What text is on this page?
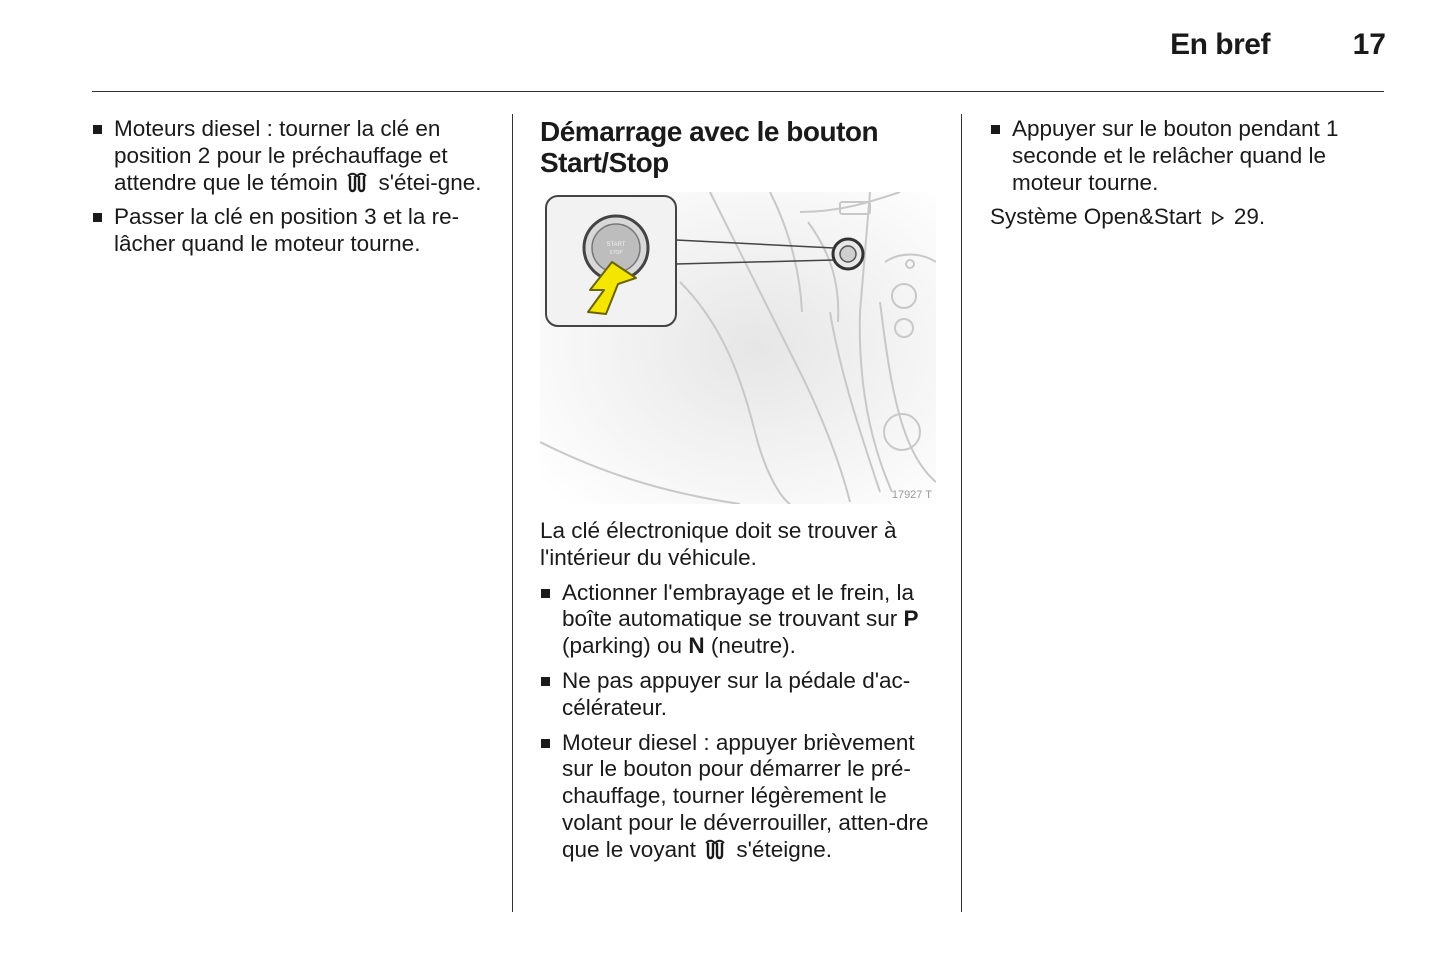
En bref	17
Moteurs diesel : tourner la clé en position 2 pour le préchauffage et attendre que le témoin s'étei-gne.
Passer la clé en position 3 et la re-lâcher quand le moteur tourne.
Démarrage avec le bouton Start/Stop
START
STOP
17927 T
La clé électronique doit se trouver à l'intérieur du véhicule.
Actionner l'embrayage et le frein, la boîte automatique se trouvant sur P (parking) ou N (neutre).
Ne pas appuyer sur la pédale d'ac-célérateur.
Moteur diesel : appuyer brièvement sur le bouton pour démarrer le pré-chauffage, tourner légèrement le volant pour le déverrouiller, atten-dre que le voyant s'éteigne.
Appuyer sur le bouton pendant 1 seconde et le relâcher quand le moteur tourne.
Système Open&Start 29.
